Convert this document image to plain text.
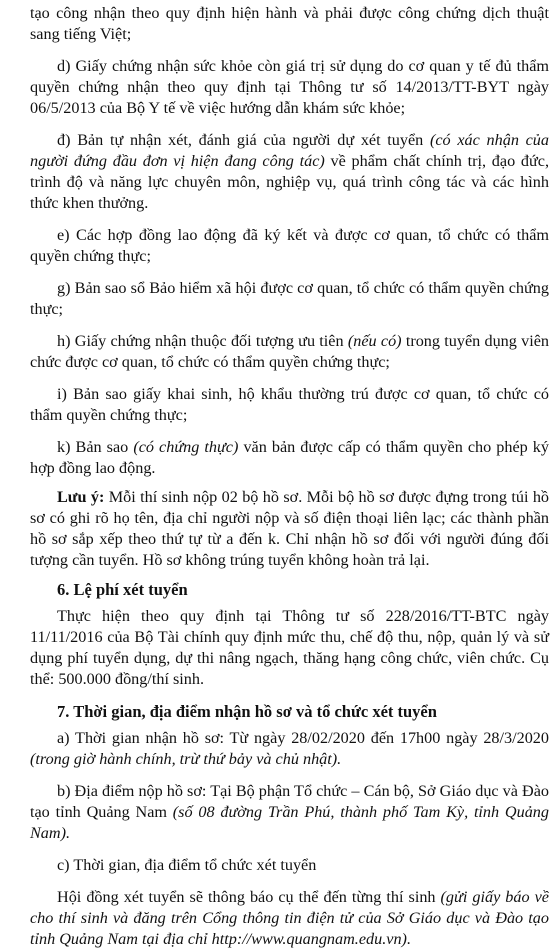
tạo công nhận theo quy định hiện hành và phải được công chứng dịch thuật sang tiếng Việt;

d) Giấy chứng nhận sức khỏe còn giá trị sử dụng do cơ quan y tế đủ thẩm quyền chứng nhận theo quy định tại Thông tư số 14/2013/TT-BYT ngày 06/5/2013 của Bộ Y tế về việc hướng dẫn khám sức khỏe;

đ) Bản tự nhận xét, đánh giá của người dự xét tuyển (có xác nhận của người đứng đầu đơn vị hiện đang công tác) về phẩm chất chính trị, đạo đức, trình độ và năng lực chuyên môn, nghiệp vụ, quá trình công tác và các hình thức khen thưởng.

e) Các hợp đồng lao động đã ký kết và được cơ quan, tổ chức có thẩm quyền chứng thực;

g) Bản sao sổ Bảo hiểm xã hội được cơ quan, tổ chức có thẩm quyền chứng thực;

h) Giấy chứng nhận thuộc đối tượng ưu tiên (nếu có) trong tuyển dụng viên chức được cơ quan, tổ chức có thẩm quyền chứng thực;

i) Bản sao giấy khai sinh, hộ khẩu thường trú được cơ quan, tổ chức có thẩm quyền chứng thực;

k) Bản sao (có chứng thực) văn bản được cấp có thẩm quyền cho phép ký hợp đồng lao động.

Lưu ý: Mỗi thí sinh nộp 02 bộ hồ sơ. Mỗi bộ hồ sơ được đựng trong túi hồ sơ có ghi rõ họ tên, địa chỉ người nộp và số điện thoại liên lạc; các thành phần hồ sơ sắp xếp theo thứ tự từ a đến k. Chỉ nhận hồ sơ đối với người đúng đối tượng cần tuyển. Hồ sơ không trúng tuyển không hoàn trả lại.

6. Lệ phí xét tuyển

Thực hiện theo quy định tại Thông tư số 228/2016/TT-BTC ngày 11/11/2016 của Bộ Tài chính quy định mức thu, chế độ thu, nộp, quản lý và sử dụng phí tuyển dụng, dự thi nâng ngạch, thăng hạng công chức, viên chức. Cụ thể: 500.000 đồng/thí sinh.

7. Thời gian, địa điểm nhận hồ sơ và tổ chức xét tuyển

a) Thời gian nhận hồ sơ: Từ ngày 28/02/2020 đến 17h00 ngày 28/3/2020 (trong giờ hành chính, trừ thứ bảy và chủ nhật).

b) Địa điểm nộp hồ sơ: Tại Bộ phận Tổ chức – Cán bộ, Sở Giáo dục và Đào tạo tỉnh Quảng Nam (số 08 đường Trần Phú, thành phố Tam Kỳ, tỉnh Quảng Nam).

c) Thời gian, địa điểm tổ chức xét tuyển

Hội đồng xét tuyển sẽ thông báo cụ thể đến từng thí sinh (gửi giấy báo về cho thí sinh và đăng trên Cổng thông tin điện tử của Sở Giáo dục và Đào tạo tỉnh Quảng Nam tại địa chỉ http://www.quangnam.edu.vn).
